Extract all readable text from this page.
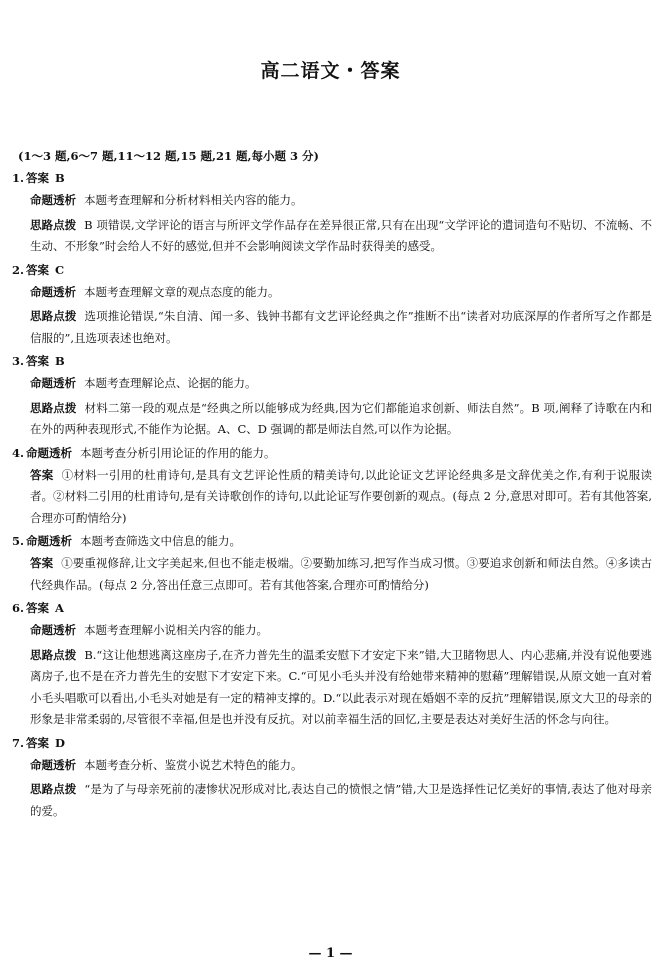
高二语文・答案
(1～3 题,6～7 题,11～12 题,15 题,21 题,每小题 3 分)
1. 答案 B
命题透析 本题考查理解和分析材料相关内容的能力。
思路点拨 B 项错误,文学评论的语言与所评文学作品存在差异很正常,只有在出现“文学评论的遣词造句不贴切、不流畅、不生动、不形象”时会给人不好的感觉,但并不会影响阅读文学作品时获得美的感受。
2. 答案 C
命题透析 本题考查理解文章的观点态度的能力。
思路点拨 选项推论错误,“朱自清、闻一多、钱钟书都有文艺评论经典之作”推断不出“读者对功底深厚的作者所写之作都是信服的”,且选项表述也绝对。
3. 答案 B
命题透析 本题考查理解论点、论据的能力。
思路点拨 材料二第一段的观点是“经典之所以能够成为经典,因为它们都能追求创新、师法自然”。B 项,阐释了诗歌在内和在外的两种表现形式,不能作为论据。A、C、D 强调的都是师法自然,可以作为论据。
4. 命题透析 本题考查分析引用论证的作用的能力。
答案 ①材料一引用的杜甫诗句,是具有文艺评论性质的精美诗句,以此论证文艺评论经典多是文辞优美之作,有利于说服读者。②材料二引用的杜甫诗句,是有关诗歌创作的诗句,以此论证写作要创新的观点。(每点 2 分,意思对即可。若有其他答案,合理亦可酌情给分)
5. 命题透析 本题考查筛选文中信息的能力。
答案 ①要重视修辞,让文字美起来,但也不能走极端。②要勤加练习,把写作当成习惯。③要追求创新和师法自然。④多读古代经典作品。(每点 2 分,答出任意三点即可。若有其他答案,合理亦可酌情给分)
6. 答案 A
命题透析 本题考查理解小说相关内容的能力。
思路点拨 B.“这让他想逃离这座房子,在齐力普先生的温柔安慰下才安定下来”错,大卫睹物思人、内心悲痛,并没有说他要逃离房子,也不是在齐力普先生的安慰下才安定下来。C.“可见小毛头并没有给她带来精神的慰藉”理解错误,从原文她一直对着小毛头唱歌可以看出,小毛头对她是有一定的精神支撑的。D.“以此表示对现在婚姻不幸的反抗”理解错误,原文大卫的母亲的形象是非常柔弱的,尽管很不幸福,但是也并没有反抗。对以前幸福生活的回忆,主要是表达对美好生活的怀念与向往。
7. 答案 D
命题透析 本题考查分析、鉴赏小说艺术特色的能力。
思路点拨 “是为了与母亲死前的凄惨状况形成对比,表达自己的愤恨之情”错,大卫是选择性记忆美好的事情,表达了他对母亲的爱。
— 1 —
